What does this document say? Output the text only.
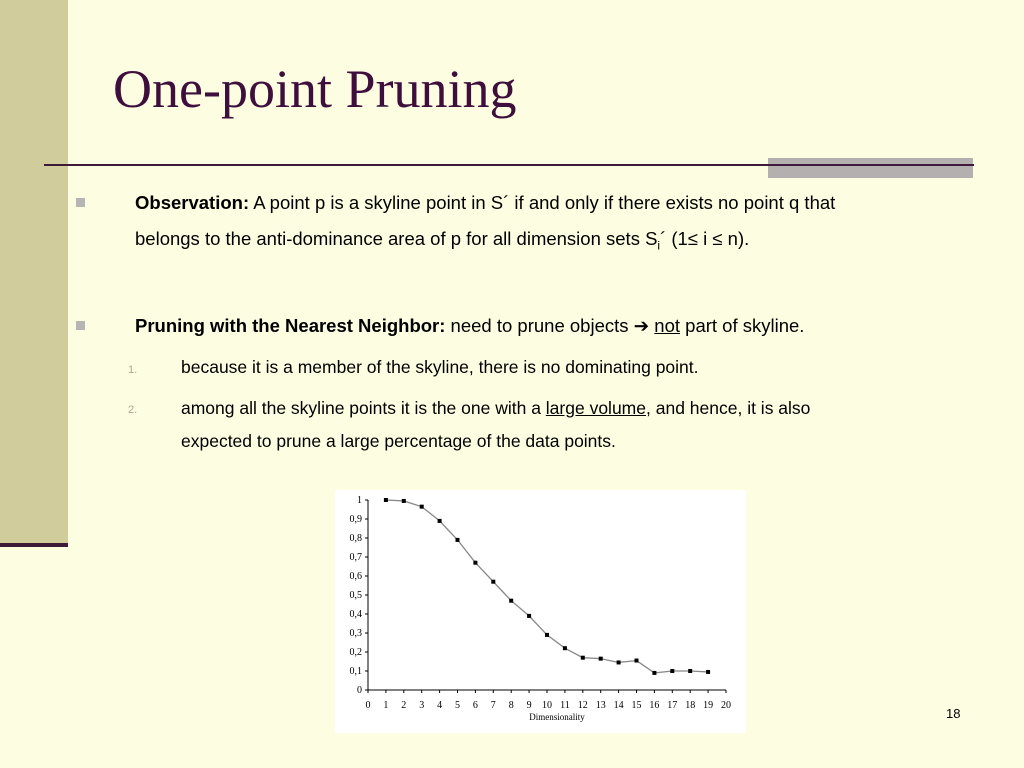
One-point Pruning
Observation: A point p is a skyline point in S´ if and only if there exists no point q that
belongs to the anti-dominance area of p for all dimension sets $S_i´$ (1≤ i ≤ n).
Pruning with the Nearest Neighbor: need to prune objects ➔ not part of skyline.
1.	because it is a member of the skyline, there is no dominating point.
2.	among all the skyline points it is the one with a large volume, and hence, it is also
expected to prune a large percentage of the data points.
0
0,1
0,2
0,3
0,4
0,5
0,6
0,7
0,8
0,9
1
0 1 2 3 4 5 6 7 8 9 10 11 12 13 14 15 16 17 18 19 20
Dimensionality	18
